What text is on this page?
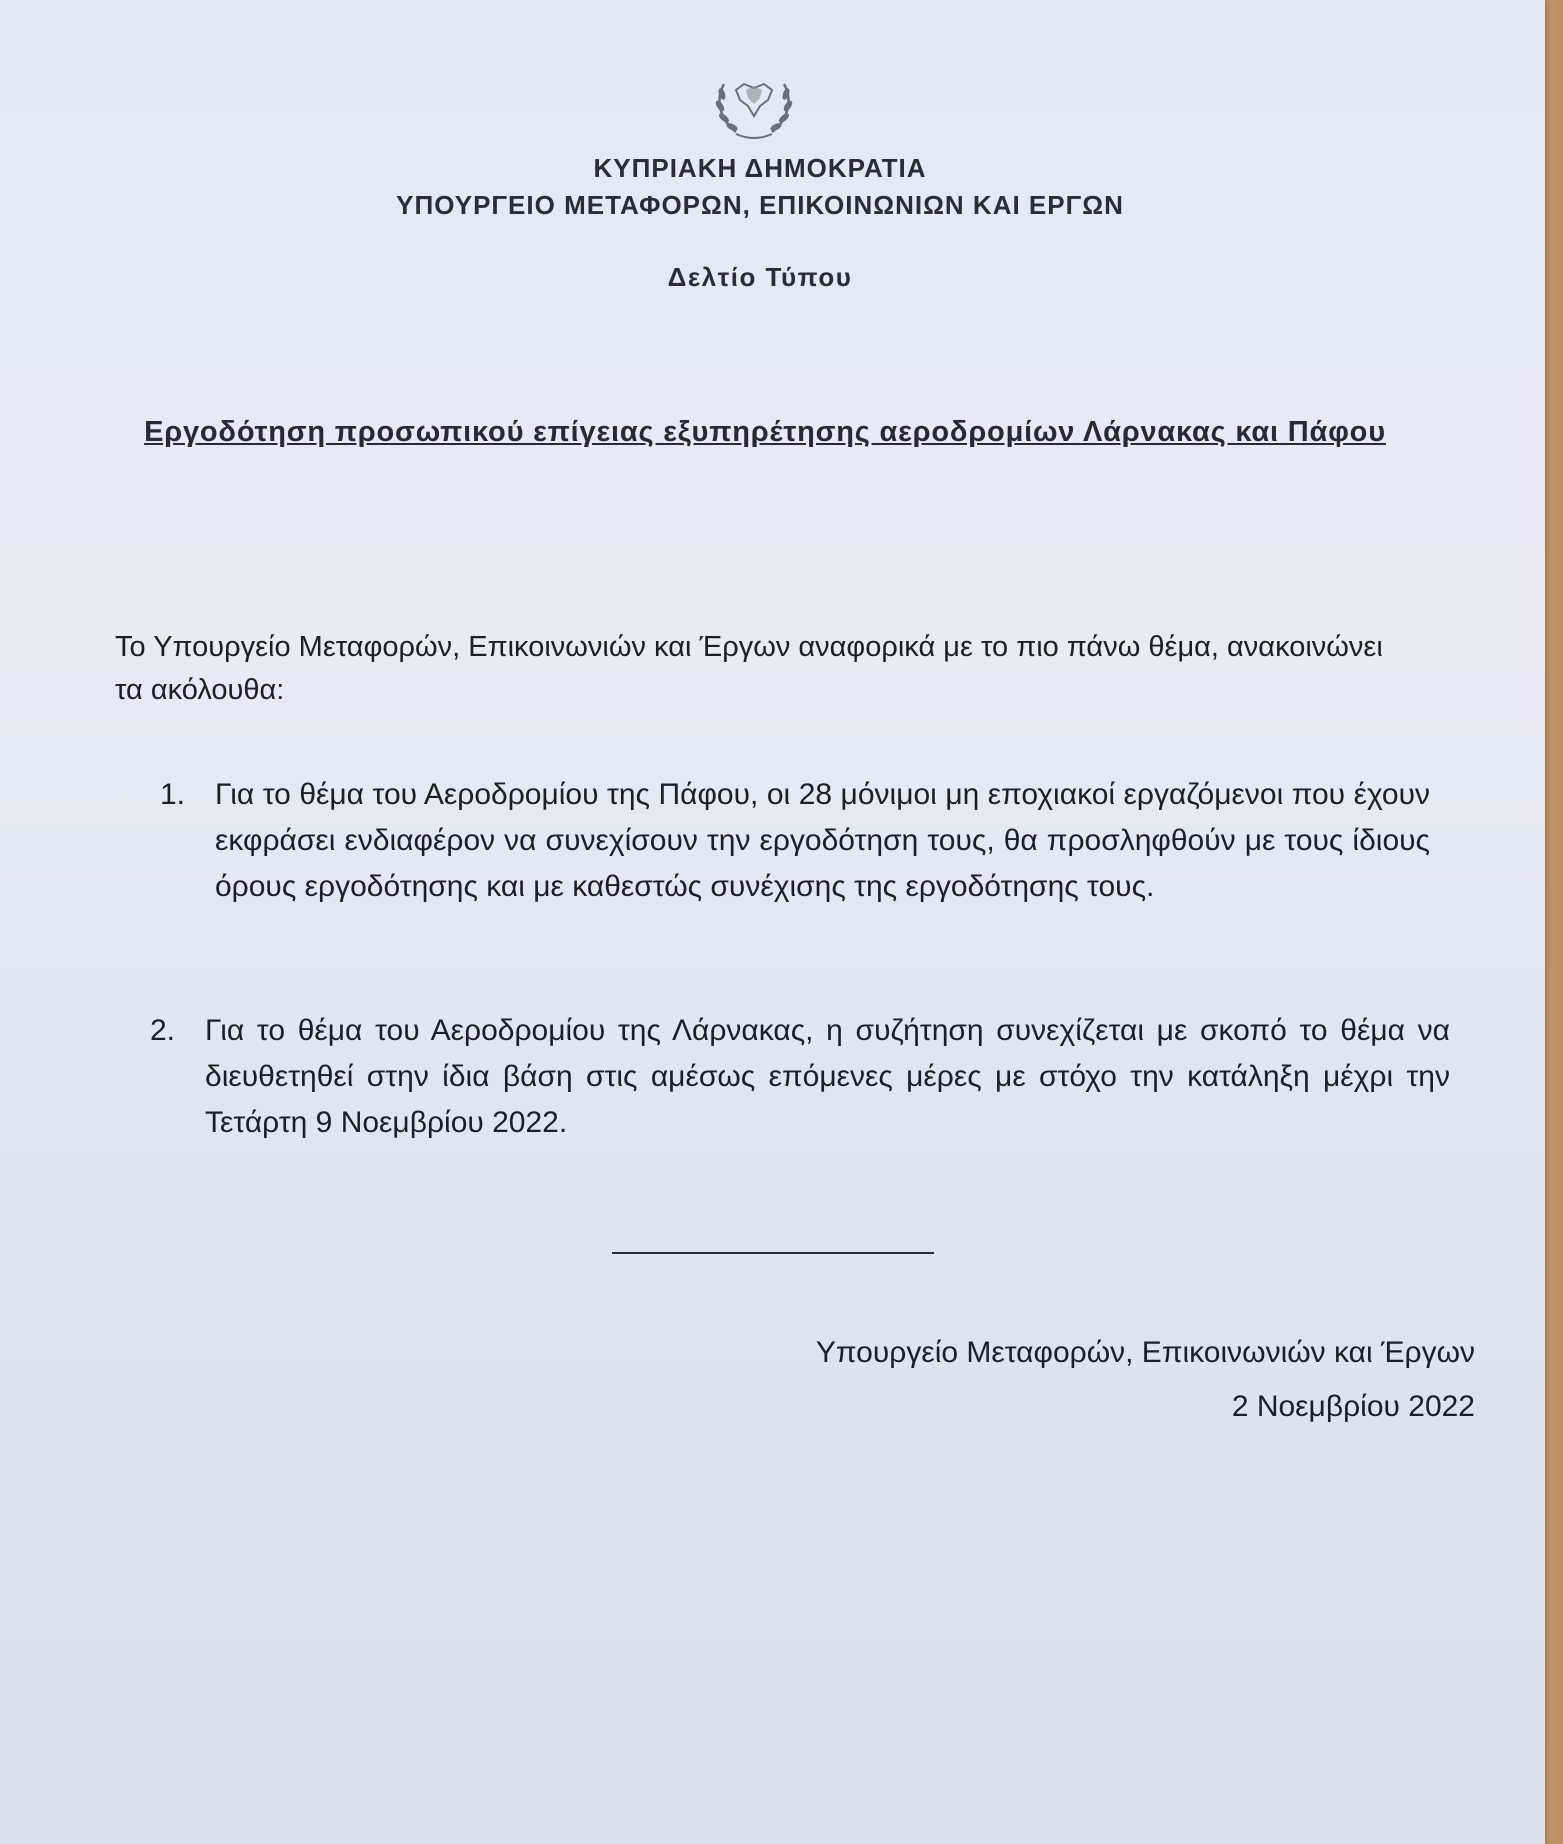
ΚΥΠΡΙΑΚΗ ΔΗΜΟΚΡΑΤΙΑ
ΥΠΟΥΡΓΕΙΟ ΜΕΤΑΦΟΡΩΝ, ΕΠΙΚΟΙΝΩΝΙΩΝ ΚΑΙ ΕΡΓΩΝ
Δελτίο Τύπου
Εργοδότηση προσωπικού επίγειας εξυπηρέτησης αεροδρομίων Λάρνακας και Πάφου
Το Υπουργείο Μεταφορών, Επικοινωνιών και Έργων αναφορικά με το πιο πάνω θέμα, ανακοινώνει τα ακόλουθα:
1. Για το θέμα του Αεροδρομίου της Πάφου, οι 28 μόνιμοι μη εποχιακοί εργαζόμενοι που έχουν εκφράσει ενδιαφέρον να συνεχίσουν την εργοδότηση τους, θα προσληφθούν με τους ίδιους όρους εργοδότησης και με καθεστώς συνέχισης της εργοδότησης τους.
2. Για το θέμα του Αεροδρομίου της Λάρνακας, η συζήτηση συνεχίζεται με σκοπό το θέμα να διευθετηθεί στην ίδια βάση στις αμέσως επόμενες μέρες με στόχο την κατάληξη μέχρι την Τετάρτη 9 Νοεμβρίου 2022.
Υπουργείο Μεταφορών, Επικοινωνιών και Έργων
2 Νοεμβρίου 2022
